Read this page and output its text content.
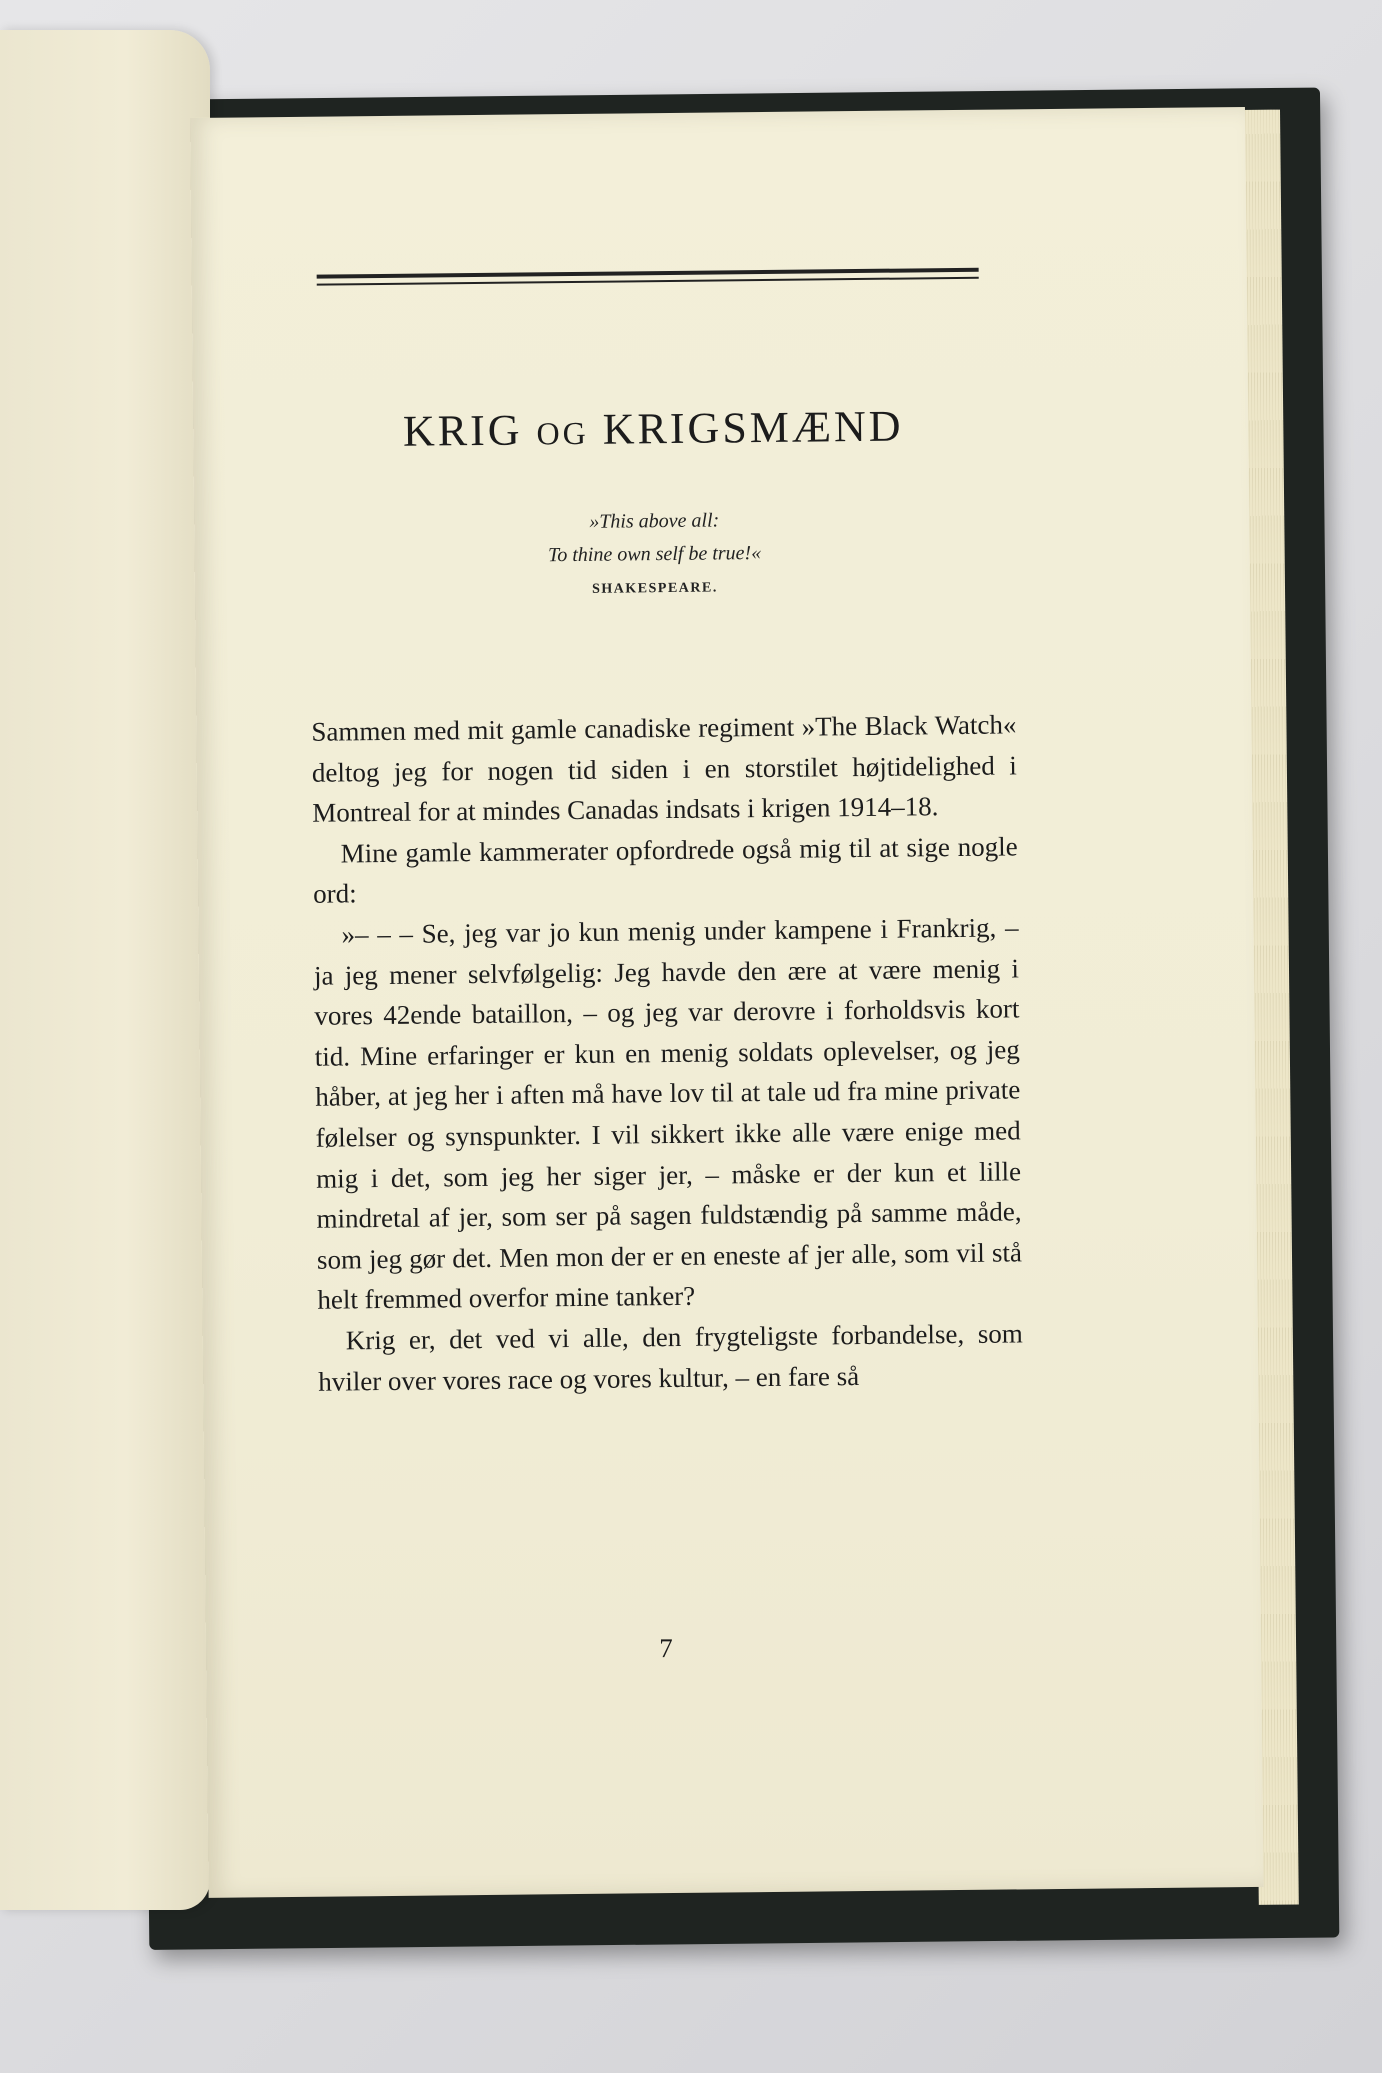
KRIG OG KRIGSMÆND
»This above all:
To thine own self be true!«
SHAKESPEARE.

Sammen med mit gamle canadiske regiment »The Black Watch« deltog jeg for nogen tid siden i en storstilet højtidelighed i Montreal for at mindes Canadas indsats i krigen 1914–18.

Mine gamle kammerater opfordrede også mig til at sige nogle ord:

»– – – Se, jeg var jo kun menig under kampene i Frankrig, – ja jeg mener selvfølgelig: Jeg havde den ære at være menig i vores 42ende bataillon, – og jeg var derovre i forholdsvis kort tid. Mine erfaringer er kun en menig soldats oplevelser, og jeg håber, at jeg her i aften må have lov til at tale ud fra mine private følelser og synspunkter. I vil sikkert ikke alle være enige med mig i det, som jeg her siger jer, – måske er der kun et lille mindretal af jer, som ser på sagen fuldstændig på samme måde, som jeg gør det. Men mon der er en eneste af jer alle, som vil stå helt fremmed overfor mine tanker?

Krig er, det ved vi alle, den frygteligste forbandelse, som hviler over vores race og vores kultur, – en fare så

7
